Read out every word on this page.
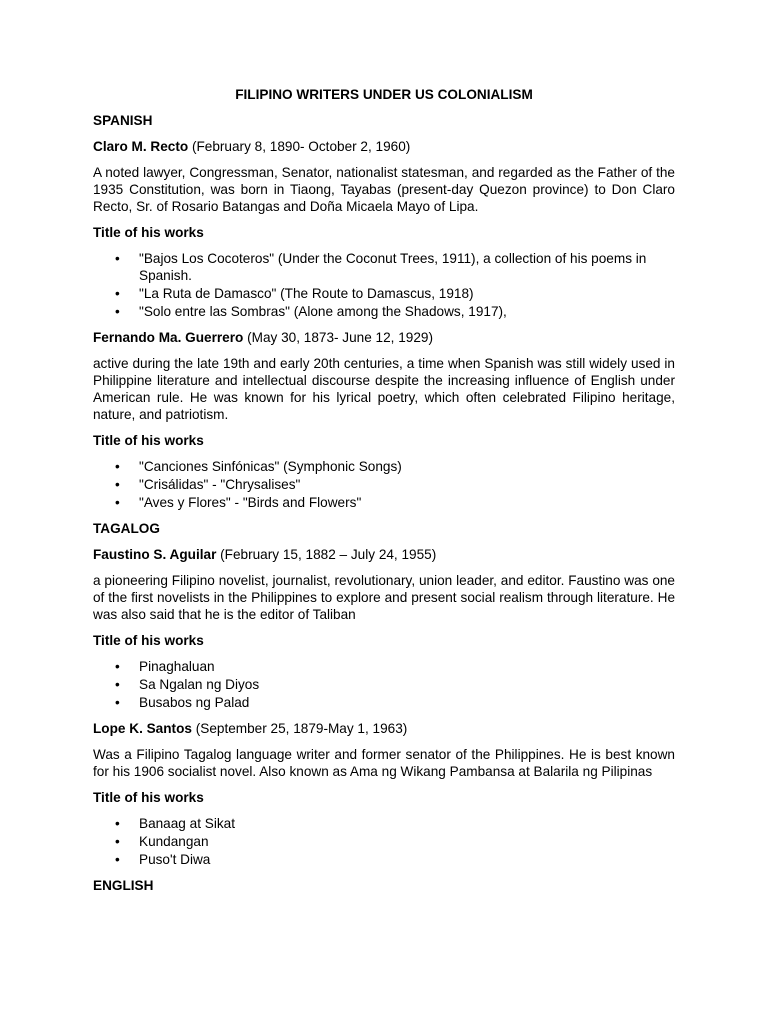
FILIPINO WRITERS UNDER US COLONIALISM
SPANISH
Claro M. Recto (February 8, 1890- October 2, 1960)
A noted lawyer, Congressman, Senator, nationalist statesman, and regarded as the Father of the 1935 Constitution, was born in Tiaong, Tayabas (present-day Quezon province) to Don Claro Recto, Sr. of Rosario Batangas and Doña Micaela Mayo of Lipa.
Title of his works
• "Bajos Los Cocoteros" (Under the Coconut Trees, 1911), a collection of his poems in Spanish.
• "La Ruta de Damasco" (The Route to Damascus, 1918)
• "Solo entre las Sombras" (Alone among the Shadows, 1917),
Fernando Ma. Guerrero (May 30, 1873- June 12, 1929)
active during the late 19th and early 20th centuries, a time when Spanish was still widely used in Philippine literature and intellectual discourse despite the increasing influence of English under American rule. He was known for his lyrical poetry, which often celebrated Filipino heritage, nature, and patriotism.
Title of his works
• "Canciones Sinfónicas" (Symphonic Songs)
• "Crisálidas" - "Chrysalises"
• "Aves y Flores" - "Birds and Flowers"
TAGALOG
Faustino S. Aguilar (February 15, 1882 – July 24, 1955)
a pioneering Filipino novelist, journalist, revolutionary, union leader, and editor. Faustino was one of the first novelists in the Philippines to explore and present social realism through literature. He was also said that he is the editor of Taliban
Title of his works
• Pinaghaluan
• Sa Ngalan ng Diyos
• Busabos ng Palad
Lope K. Santos (September 25, 1879-May 1, 1963)
Was a Filipino Tagalog language writer and former senator of the Philippines. He is best known for his 1906 socialist novel. Also known as Ama ng Wikang Pambansa at Balarila ng Pilipinas
Title of his works
• Banaag at Sikat
• Kundangan
• Puso't Diwa
ENGLISH
